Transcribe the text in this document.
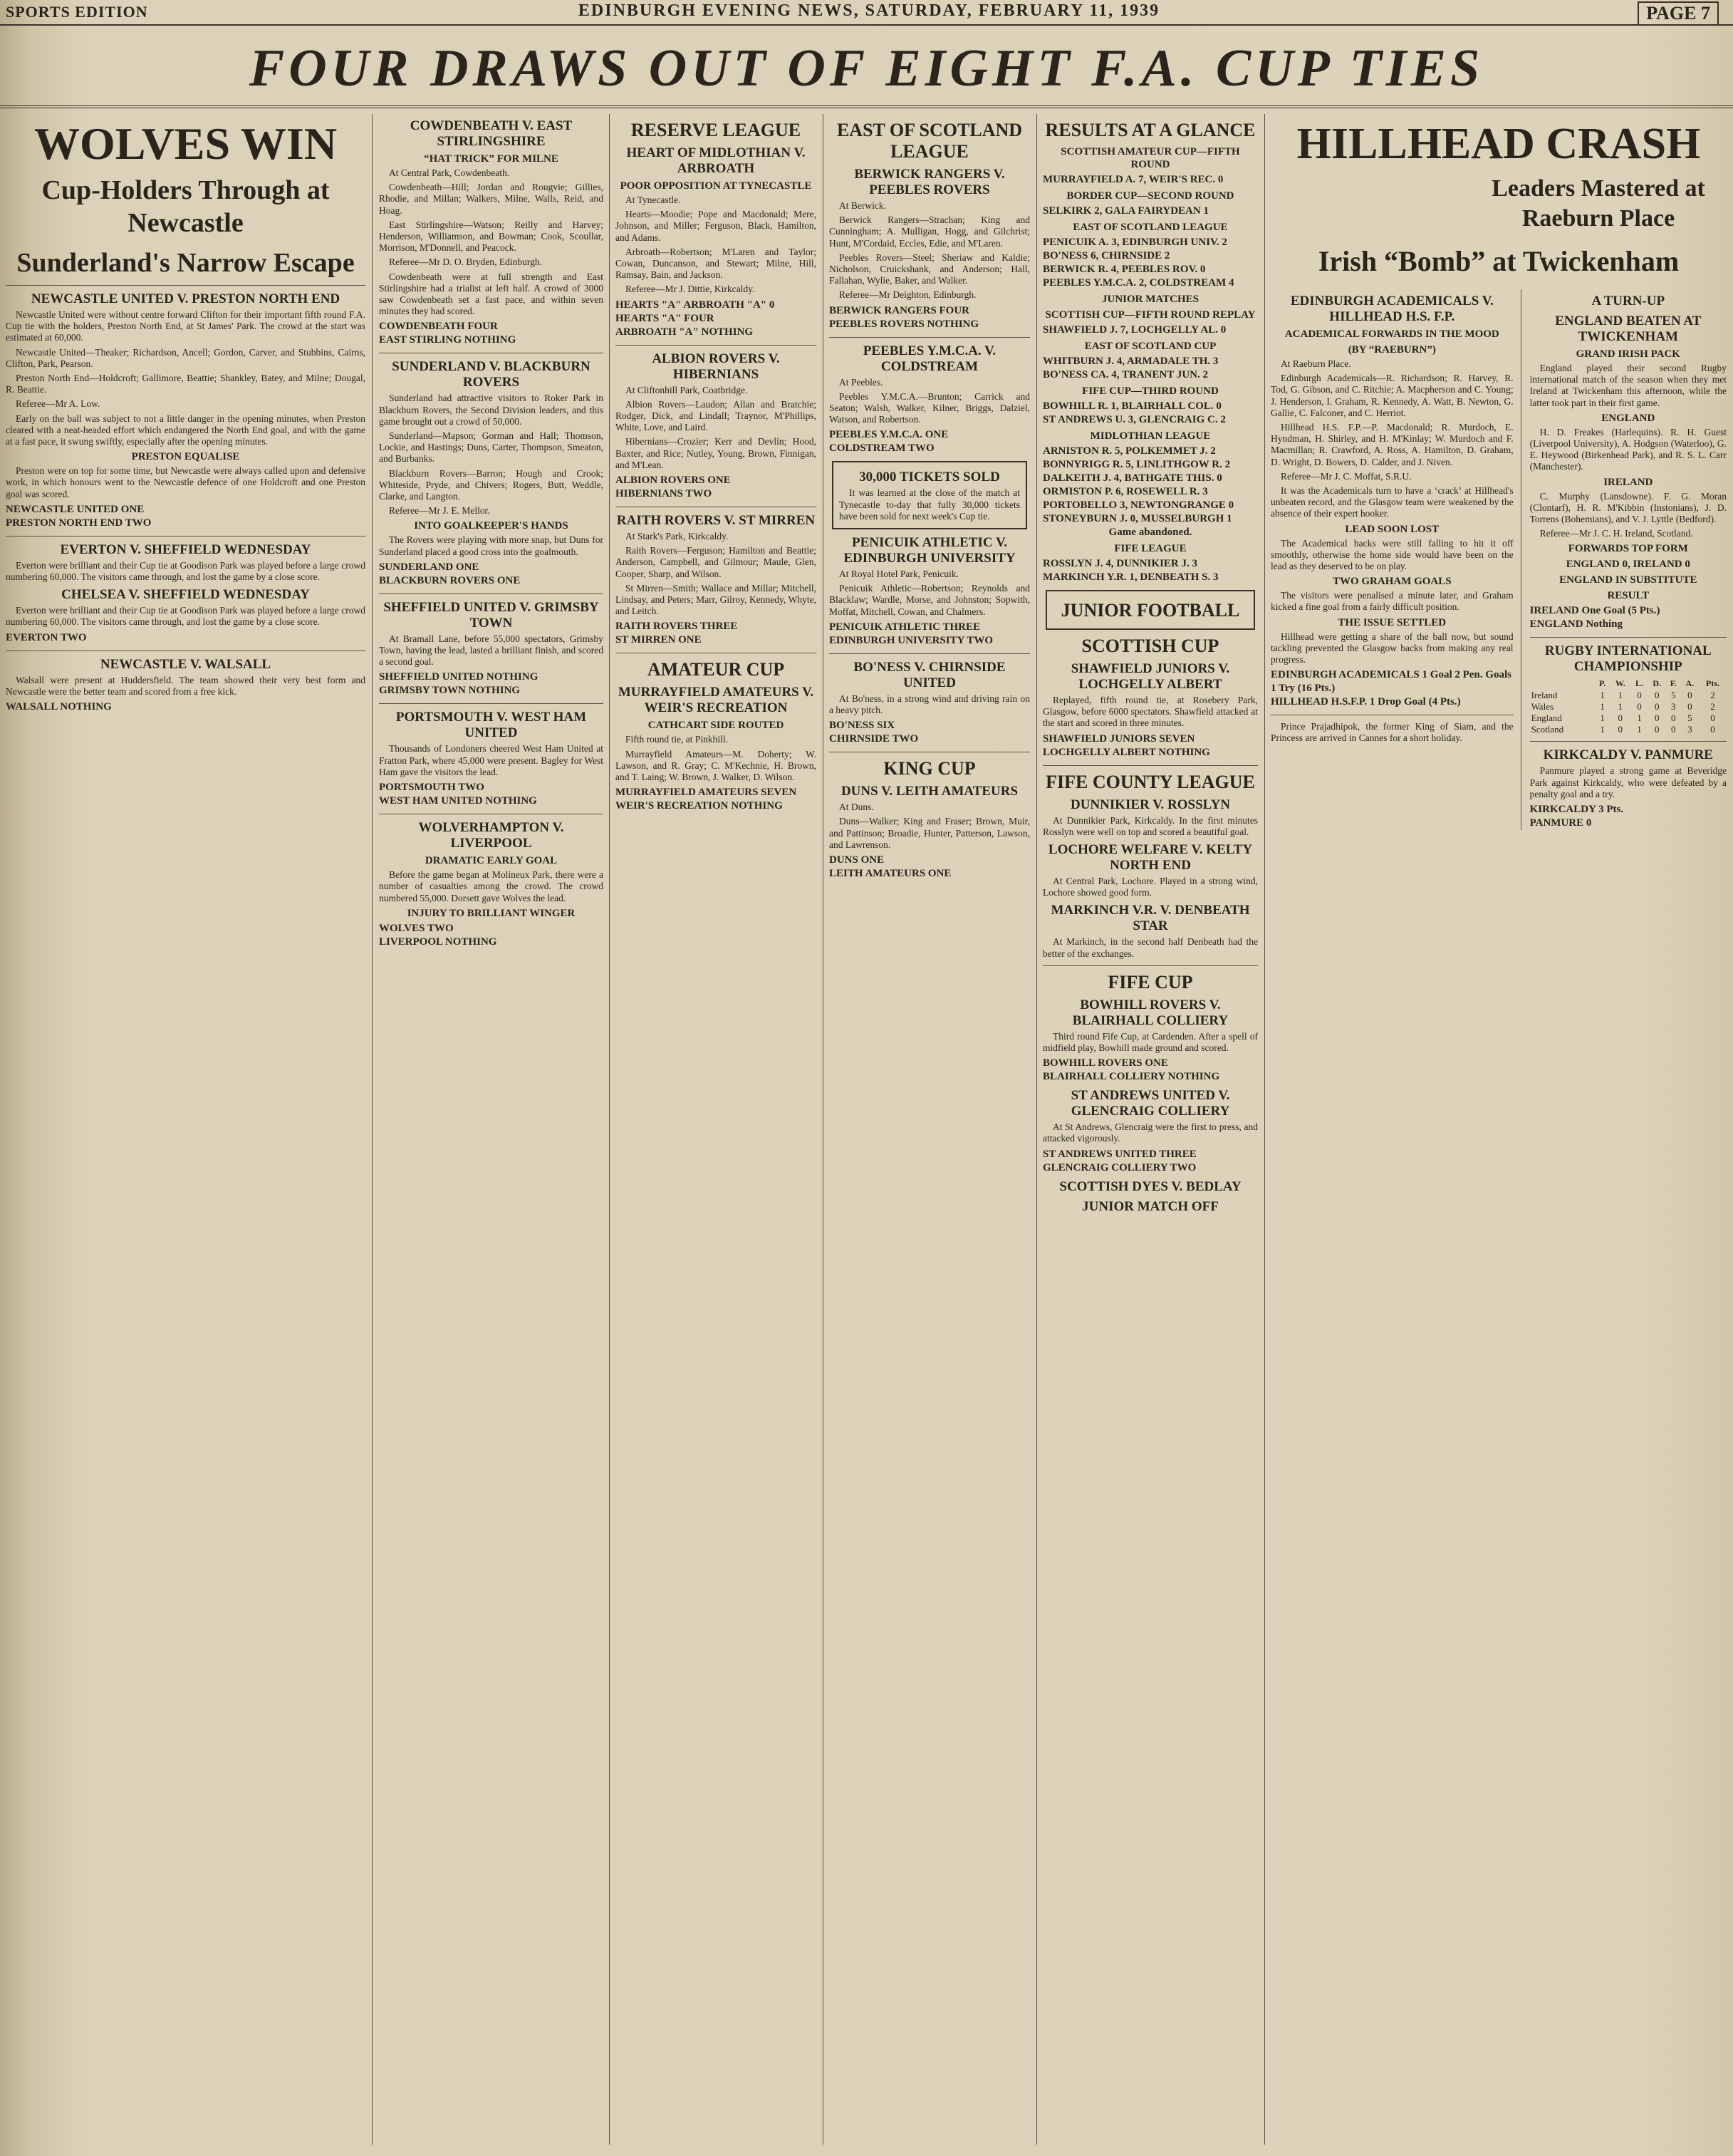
SPORTS EDITION	EDINBURGH EVENING NEWS, SATURDAY, FEBRUARY 11, 1939	PAGE 7
FOUR DRAWS OUT OF EIGHT F.A. CUP TIES
WOLVES WIN
Cup-Holders Through at Newcastle
Sunderland's Narrow Escape
NEWCASTLE UNITED V. PRESTON NORTH END

Newcastle United were without centre forward Clifton for their important fifth round F.A. Cup tie with the holders, Preston North End, at St James' Park. The crowd at the start was estimated at 60,000.

Newcastle United—Theaker; Richardson, Ancell; Gordon, Carver, and Stubbins, Cairns, Clifton, Park, Pearson.

Preston North End—Holdcroft; Gallimore, Beattie; Shankley, Batey, and Milne; Dougal, R. Beattie.

Referee—Mr A. Low.

Early on the ball was subject to not a little danger in the opening minutes, when Preston cleared with a neat-headed effort which endangered the North End goal, and with the game at a fast pace, it swung swiftly, especially after the opening minutes.

PRESTON EQUALISE

Preston were on top for some time, but Newcastle were always called upon and defensive work, in which honours went to the Newcastle defence of one Holdcroft and one Preston goal was scored.

NEWCASTLE UNITED ONE

PRESTON NORTH END TWO

EVERTON V. SHEFFIELD WEDNESDAY

Everton were brilliant and their Cup tie at Goodison Park was played before a large crowd numbering 60,000. The visitors came through, and lost the game by a close score.

CHELSEA V. SHEFFIELD WEDNESDAY

Everton were brilliant and their Cup tie at Goodison Park was played before a large crowd numbering 60,000. The visitors came through, and lost the game by a close score.

EVERTON TWO

NEWCASTLE V. WALSALL

Walsall were present at Huddersfield. The team showed their very best form and Newcastle were the better team and scored from a free kick.

WALSALL NOTHING

COWDENBEATH V. EAST STIRLINGSHIRE
“HAT TRICK” FOR MILNE

At Central Park, Cowdenbeath.

Cowdenbeath—Hill; Jordan and Rougvie; Gillies, Rhodie, and Millan; Walkers, Milne, Walls, Reid, and Hoag.

East Stirlingshire—Watson; Reilly and Harvey; Henderson, Williamson, and Bowman; Cook, Scoullar, Morrison, M'Donnell, and Peacock.

Referee—Mr D. O. Bryden, Edinburgh.

Cowdenbeath were at full strength and East Stirlingshire had a trialist at left half. A crowd of 3000 saw Cowdenbeath set a fast pace, and within seven minutes they had scored.

COWDENBEATH FOUR

EAST STIRLING NOTHING

SUNDERLAND V. BLACKBURN ROVERS

Sunderland had attractive visitors to Roker Park in Blackburn Rovers, the Second Division leaders, and this game brought out a crowd of 50,000.

Sunderland—Mapson; Gorman and Hall; Thomson, Lockie, and Hastings; Duns, Carter, Thompson, Smeaton, and Burbanks.

Blackburn Rovers—Barron; Hough and Crook; Whiteside, Pryde, and Chivers; Rogers, Butt, Weddle, Clarke, and Langton.

Referee—Mr J. E. Mellor.

INTO GOALKEEPER'S HANDS

The Rovers were playing with more snap, but Duns for Sunderland placed a good cross into the goalmouth.

SUNDERLAND ONE

BLACKBURN ROVERS ONE

SHEFFIELD UNITED V. GRIMSBY TOWN

At Bramall Lane, before 55,000 spectators, Grimsby Town, having the lead, lasted a brilliant finish, and scored a second goal.

SHEFFIELD UNITED NOTHING

GRIMSBY TOWN NOTHING

PORTSMOUTH V. WEST HAM UNITED

Thousands of Londoners cheered West Ham United at Fratton Park, where 45,000 were present. Bagley for West Ham gave the visitors the lead.

PORTSMOUTH TWO

WEST HAM UNITED NOTHING

WOLVERHAMPTON V. LIVERPOOL
DRAMATIC EARLY GOAL

Before the game began at Molineux Park, there were a number of casualties among the crowd. The crowd numbered 55,000. Dorsett gave Wolves the lead.

INJURY TO BRILLIANT WINGER

WOLVES TWO

LIVERPOOL NOTHING

RESERVE LEAGUE
HEART OF MIDLOTHIAN V. ARBROATH
POOR OPPOSITION AT TYNECASTLE

At Tynecastle.

Hearts—Moodie; Pope and Macdonald; Mere, Johnson, and Miller; Ferguson, Black, Hamilton, and Adams.

Arbroath—Robertson; M'Laren and Taylor; Cowan, Duncanson, and Stewart; Milne, Hill, Ramsay, Bain, and Jackson.

Referee—Mr J. Dittie, Kirkcaldy.

HEARTS "A" ARBROATH "A" 0

HEARTS "A" FOUR

ARBROATH "A" NOTHING

ALBION ROVERS V. HIBERNIANS

At Cliftonhill Park, Coatbridge.

Albion Rovers—Laudon; Allan and Bratchie; Rodger, Dick, and Lindall; Traynor, M'Phillips, White, Love, and Laird.

Hibernians—Crozier; Kerr and Devlin; Hood, Baxter, and Rice; Nutley, Young, Brown, Finnigan, and M'Lean.

ALBION ROVERS ONE

HIBERNIANS TWO

RAITH ROVERS V. ST MIRREN

At Stark's Park, Kirkcaldy.

Raith Rovers—Ferguson; Hamilton and Beattie; Anderson, Campbell, and Gilmour; Maule, Glen, Cooper, Sharp, and Wilson.

St Mirren—Smith; Wallace and Millar; Mitchell, Lindsay, and Peters; Marr, Gilroy, Kennedy, Whyte, and Leitch.

RAITH ROVERS THREE

ST MIRREN ONE

AMATEUR CUP
MURRAYFIELD AMATEURS V. WEIR'S RECREATION
CATHCART SIDE ROUTED

Fifth round tie, at Pinkhill.

Murrayfield Amateurs—M. Doherty; W. Lawson, and R. Gray; C. M'Kechnie, H. Brown, and T. Laing; W. Brown, J. Walker, D. Wilson.

MURRAYFIELD AMATEURS SEVEN

WEIR'S RECREATION NOTHING

EAST OF SCOTLAND LEAGUE
BERWICK RANGERS V. PEEBLES ROVERS

At Berwick.

Berwick Rangers—Strachan; King and Cunningham; A. Mulligan, Hogg, and Gilchrist; Hunt, M'Cordaid, Eccles, Edie, and M'Laren.

Peebles Rovers—Steel; Sheriaw and Kaldie; Nicholson, Cruickshank, and Anderson; Hall, Fallahan, Wylie, Baker, and Walker.

Referee—Mr Deighton, Edinburgh.

BERWICK RANGERS FOUR

PEEBLES ROVERS NOTHING

PEEBLES Y.M.C.A. V. COLDSTREAM

At Peebles.

Peebles Y.M.C.A.—Brunton; Carrick and Seaton; Walsh, Walker, Kilner, Briggs, Dalziel, Watson, and Robertson.

PEEBLES Y.M.C.A. ONE

COLDSTREAM TWO

30,000 TICKETS SOLD

It was learned at the close of the match at Tynecastle to-day that fully 30,000 tickets have been sold for next week's Cup tie.

PENICUIK ATHLETIC V. EDINBURGH UNIVERSITY

At Royal Hotel Park, Penicuik.

Penicuik Athletic—Robertson; Reynolds and Blacklaw; Wardle, Morse, and Johnston; Sopwith, Moffat, Mitchell, Cowan, and Chalmers.

PENICUIK ATHLETIC THREE

EDINBURGH UNIVERSITY TWO

BO'NESS V. CHIRNSIDE UNITED

At Bo'ness, in a strong wind and driving rain on a heavy pitch.

BO'NESS SIX

CHIRNSIDE TWO

KING CUP
DUNS V. LEITH AMATEURS

At Duns.

Duns—Walker; King and Fraser; Brown, Muir, and Pattinson; Broadie, Hunter, Patterson, Lawson, and Lawrenson.

DUNS ONE

LEITH AMATEURS ONE

RESULTS AT A GLANCE
SCOTTISH AMATEUR CUP—FIFTH ROUND

MURRAYFIELD A. 7, WEIR'S REC. 0

BORDER CUP—SECOND ROUND

SELKIRK 2, GALA FAIRYDEAN 1

EAST OF SCOTLAND LEAGUE

PENICUIK A. 3, EDINBURGH UNIV. 2

BO'NESS 6, CHIRNSIDE 2

BERWICK R. 4, PEEBLES ROV. 0

PEEBLES Y.M.C.A. 2, COLDSTREAM 4

JUNIOR MATCHES
SCOTTISH CUP—FIFTH ROUND REPLAY

SHAWFIELD J. 7, LOCHGELLY AL. 0

EAST OF SCOTLAND CUP

WHITBURN J. 4, ARMADALE TH. 3

BO'NESS CA. 4, TRANENT JUN. 2

FIFE CUP—THIRD ROUND

BOWHILL R. 1, BLAIRHALL COL. 0

ST ANDREWS U. 3, GLENCRAIG C. 2

MIDLOTHIAN LEAGUE

ARNISTON R. 5, POLKEMMET J. 2

BONNYRIGG R. 5, LINLITHGOW R. 2

DALKEITH J. 4, BATHGATE THIS. 0

ORMISTON P. 6, ROSEWELL R. 3

PORTOBELLO 3, NEWTONGRANGE 0

STONEYBURN J. 0, MUSSELBURGH 1

Game abandoned.

FIFE LEAGUE

ROSSLYN J. 4, DUNNIKIER J. 3

MARKINCH Y.R. 1, DENBEATH S. 3

JUNIOR FOOTBALL
SCOTTISH CUP
SHAWFIELD JUNIORS V. LOCHGELLY ALBERT

Replayed, fifth round tie, at Rosebery Park, Glasgow, before 6000 spectators. Shawfield attacked at the start and scored in three minutes.

SHAWFIELD JUNIORS SEVEN

LOCHGELLY ALBERT NOTHING

FIFE COUNTY LEAGUE
DUNNIKIER V. ROSSLYN

At Dunnikier Park, Kirkcaldy. In the first minutes Rosslyn were well on top and scored a beautiful goal.

LOCHORE WELFARE V. KELTY NORTH END

At Central Park, Lochore. Played in a strong wind, Lochore showed good form.

MARKINCH V.R. V. DENBEATH STAR

At Markinch, in the second half Denbeath had the better of the exchanges.

FIFE CUP
BOWHILL ROVERS V. BLAIRHALL COLLIERY

Third round Fife Cup, at Cardenden. After a spell of midfield play, Bowhill made ground and scored.

BOWHILL ROVERS ONE

BLAIRHALL COLLIERY NOTHING

ST ANDREWS UNITED V. GLENCRAIG COLLIERY

At St Andrews, Glencraig were the first to press, and attacked vigorously.

ST ANDREWS UNITED THREE

GLENCRAIG COLLIERY TWO

SCOTTISH DYES V. BEDLAY
JUNIOR MATCH OFF
HILLHEAD CRASH
Leaders Mastered at Raeburn Place
Irish “Bomb” at Twickenham
EDINBURGH ACADEMICALS V. HILLHEAD H.S. F.P.
ACADEMICAL FORWARDS IN THE MOOD
(BY “RAEBURN”)

At Raeburn Place.

Edinburgh Academicals—R. Richardson; R. Harvey, R. Tod, G. Gibson, and C. Ritchie; A. Macpherson and C. Young; J. Henderson, I. Graham, R. Kennedy, A. Watt, B. Newton, G. Gallie, C. Falconer, and C. Herriot.

Hillhead H.S. F.P.—P. Macdonald; R. Murdoch, E. Hyndman, H. Shirley, and H. M'Kinlay; W. Murdoch and F. Macmillan; R. Crawford, A. Ross, A. Hamilton, D. Graham, D. Wright, D. Bowers, D. Calder, and J. Niven.

Referee—Mr J. C. Moffat, S.R.U.

It was the Academicals turn to have a ‘crack’ at Hillhead's unbeaten record, and the Glasgow team were weakened by the absence of their expert hooker.

LEAD SOON LOST

The Academical backs were still falling to hit it off smoothly, otherwise the home side would have been on the lead as they deserved to be on play.

TWO GRAHAM GOALS

The visitors were penalised a minute later, and Graham kicked a fine goal from a fairly difficult position.

THE ISSUE SETTLED

Hillhead were getting a share of the ball now, but sound tackling prevented the Glasgow backs from making any real progress.

EDINBURGH ACADEMICALS 1 Goal 2 Pen. Goals 1 Try (16 Pts.)

HILLHEAD H.S.F.P. 1 Drop Goal (4 Pts.)

Prince Prajadhipok, the former King of Siam, and the Princess are arrived in Cannes for a short holiday.

A TURN-UP
ENGLAND BEATEN AT TWICKENHAM
GRAND IRISH PACK

England played their second Rugby international match of the season when they met Ireland at Twickenham this afternoon, while the latter took part in their first game.

ENGLAND

H. D. Freakes (Harlequins). R. H. Guest (Liverpool University), A. Hodgson (Waterloo), G. E. Heywood (Birkenhead Park), and R. S. L. Carr (Manchester).

IRELAND

C. Murphy (Lansdowne). F. G. Moran (Clontarf), H. R. M'Kibbin (Instonians), J. D. Torrens (Bohemians), and V. J. Lyttle (Bedford).

Referee—Mr J. C. H. Ireland, Scotland.

FORWARDS TOP FORM
ENGLAND 0, IRELAND 0
ENGLAND IN SUBSTITUTE
RESULT

IRELAND One Goal (5 Pts.)

ENGLAND Nothing

RUGBY INTERNATIONAL CHAMPIONSHIP
	P.	W.	L.	D.	F.	A.	Pts.
Ireland	1	1	0	0	5	0	2
Wales	1	1	0	0	3	0	2
England	1	0	1	0	0	5	0
Scotland	1	0	1	0	0	3	0
KIRKCALDY V. PANMURE

Panmure played a strong game at Beveridge Park against Kirkcaldy, who were defeated by a penalty goal and a try.

KIRKCALDY 3 Pts.

PANMURE 0
